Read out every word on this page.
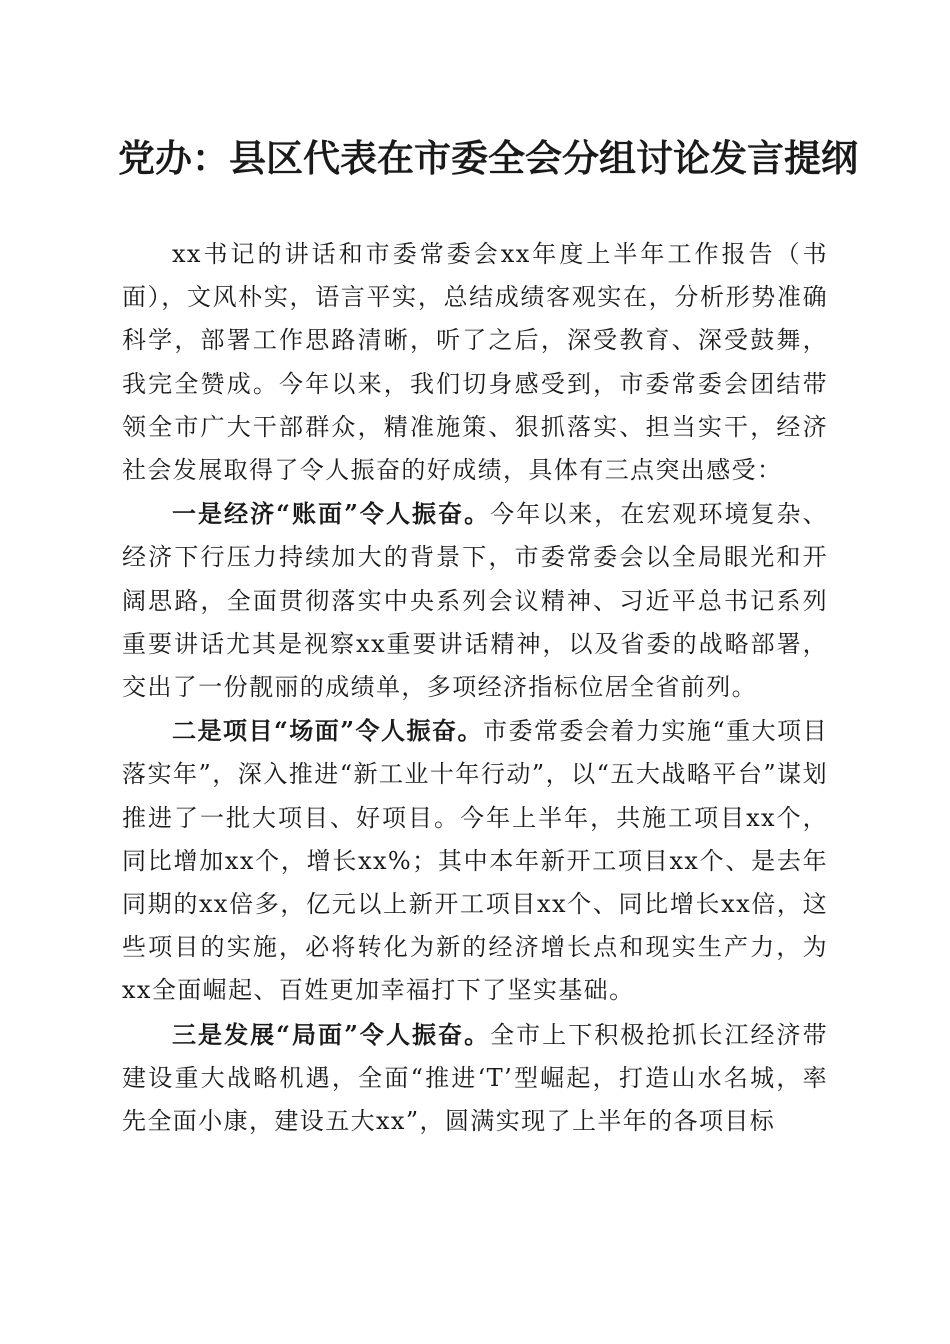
党办：县区代表在市委全会分组讨论发言提纲

xx书记的讲话和市委常委会xx年度上半年工作报告（书面），文风朴实，语言平实，总结成绩客观实在，分析形势准确科学，部署工作思路清晰，听了之后，深受教育、深受鼓舞，我完全赞成。今年以来，我们切身感受到，市委常委会团结带领全市广大干部群众，精准施策、狠抓落实、担当实干，经济社会发展取得了令人振奋的好成绩，具体有三点突出感受：

一是经济“账面”令人振奋。今年以来，在宏观环境复杂、经济下行压力持续加大的背景下，市委常委会以全局眼光和开阔思路，全面贯彻落实中央系列会议精神、习近平总书记系列重要讲话尤其是视察xx重要讲话精神，以及省委的战略部署，交出了一份靓丽的成绩单，多项经济指标位居全省前列。

二是项目“场面”令人振奋。市委常委会着力实施“重大项目落实年”，深入推进“新工业十年行动”，以“五大战略平台”谋划推进了一批大项目、好项目。今年上半年，共施工项目xx个，同比增加xx个，增长xx%；其中本年新开工项目xx个、是去年同期的xx倍多，亿元以上新开工项目xx个、同比增长xx倍，这些项目的实施，必将转化为新的经济增长点和现实生产力，为xx全面崛起、百姓更加幸福打下了坚实基础。

三是发展“局面”令人振奋。全市上下积极抢抓长江经济带建设重大战略机遇，全面“推进‘T’型崛起，打造山水名城，率先全面小康，建设五大xx”，圆满实现了上半年的各项目标
